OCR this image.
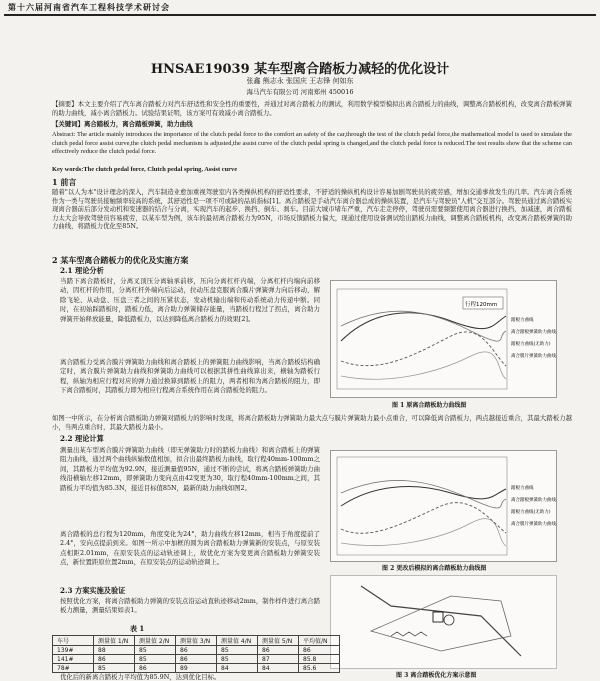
第十六届河南省汽车工程科技学术研讨会
HNSAE19039 某车型离合踏板力减轻的优化设计
张鑫 熊志永 张国庆 王志锋 何如东
海马汽车有限公司 河南郑州 450016
【摘要】本文主要介绍了汽车离合踏板力对汽车舒适性和安全性的重要性，并通过对离合踏板力的测试，利用数学模型模拟出离合踏板力的曲线，调整离合踏板机构，改变离合踏板弹簧的助力曲线，减小离合踏板力。试验结果证明，该方案可有效减小离合踏板力。
【关键词】离合踏板力，离合踏板弹簧，助力曲线
Abstract: The article mainly introduces the importance of the clutch pedal force to the comfort an safety of the car,through the test of the clutch pedal force,the mathematical model is used to simulate the clutch pedal force assist curve,the clutch pedal mechanism is adjusted,the assist curve of the clutch pedal spring is changed,and the clutch pedal force is reduced.The test results show that the scheme can effectively reduce the clutch pedal force.
Key words:The clutch pedal force, Clutch pedal spring, Assist curve
1 前言
随着"以人为本"设计理念的深入，汽车制造业愈加重视驾驶室内各类操纵机构的舒适性要求，不舒适的操纵机构设计容易加剧驾驶员的疲劳感，增加交通事故发生的几率。汽车离合系统作为一类与驾驶员接触频率较高的系统，其舒适性是一项不可或缺的品质指标[1]。离合踏板是手动汽车离合器总成的操纵装置，是汽车与驾驶员"人机"交互部分。驾驶员通过离合踏板实现离合器前后部分发动机和变速器的结合与分离，实现汽车的起步、换挡、倒车、刹车。目前大城市堵车严重，汽车走走停停，驾驶员需要频繁使用离合器进行换挡、加减速，离合踏板力太大会导致驾驶员容易疲劳，以某车型为例，该车的最初离合踏板力为95N，市场反馈踏板力偏大，现通过使用设备测试绘出踏板力曲线，调整离合踏板机构，改变离合踏板弹簧的助力曲线，将踏板力优化至85N。
2 某车型离合踏板力的优化及实施方案
2.1 理论分析
当踏下离合踏板时，分离叉顶压分离轴承前移，压向分离杠杆内端，分离杠杆内端向前移动，因杠杆的作用，分离杠杆外端向后运动，拉动压盘克服离合膜片弹簧弹力向后移动，解除飞轮、从动盘、压盘三者之间的压紧状态，发动机输出端和传动系统动力传递中断。同时，在初始踩踏板时，踏板力低，离合助力弹簧储存能量，当踏板行程过了拐点，离合助力弹簧开始释放能量，降低踏板力，以达到降低离合踏板力的效果[2]。
离合踏板力受离合膜片弹簧助力曲线和离合踏板上的弹簧阻力曲线影响，当离合踏板结构确定时，离合膜片弹簧助力曲线和弹簧助力曲线可以根据其拼性曲线算出来，横轴为踏板行程，纵轴为相应行程对应的弹力通过换算到踏板上的阻力，两者相和为离合踏板的阻力，即下离合踏板时，其踏板力即为相应行程离合系统作用在离合踏板处的阻力。
如图一中所示，在分析离合踏板助力弹簧对踏板力的影响时发现，将离合踏板助力弹簧助力最大点与膜片弹簧助力最小点重合，可以降低离合踏板力，两点越接近重合，其最大踏板力越小，当两点重合时，其最大踏板力最小。
2.2 理论计算
测量出某车型离合膜片弹簧助力曲线（即无弹簧助力时的踏板力曲线）和离合踏板上的弹簧阻力曲线，通过两个曲线纵轴数值相加，拟合出最终踏板力曲线，取行程40mm-100mm之间，其踏板力平均值为92.9N，接近测量值95N，通过不断的尝试，将离合踏板弹簧助力曲线沿横轴左移12mm，即弹簧助力变向点由42变更为30，取行程40mm-100mm之间，其踏板力平均值为85.3N，接近目标值85N，最新的助力曲线如图2。
离合踏板的总行程为120mm，角度变化为24°，助力曲线左移12mm，相当于角度提前了2.4°，安向点提前到来。如图一所示中加框的圆为离合踏板助力弹簧新的安装点，与原安装点相距2.01mm，在原安装点的运动轨迹调上，故优化方案为变更离合踏板助力弹簧安装点，新位置距原位置2mm，在原安装点的运动轨迹调上。
2.3 方案实施及验证
按照优化方案，将离合踏板助力弹簧的安装点沿运动直轨迹移动2mm，制作样件进行离合踏板力测量，测量结果如表1。
行程120mm
踏板力曲线
离合踏板弹簧助力曲线
踏板力曲线(无助力)
离合膜片弹簧助力曲线
图 1 原离合踏板助力曲线图
踏板力曲线
离合踏板弹簧助力曲线
踏板力曲线(无助力)
离合膜片弹簧助力曲线
图 2 更改后模拟的离合踏板助力曲线图
图 3 离合踏板优化方案示意图
表 1
车号	测量值 1/N	测量值 2/N	测量值 3/N	测量值 4/N	测量值 5/N	平均值/N
139#	88	85	86	85	86	86
141#	86	85	86	85	87	85.8
78#	85	86	89	84	84	85.6
优化后的新离合踏板力平均值为85.9N，达到优化目标。
